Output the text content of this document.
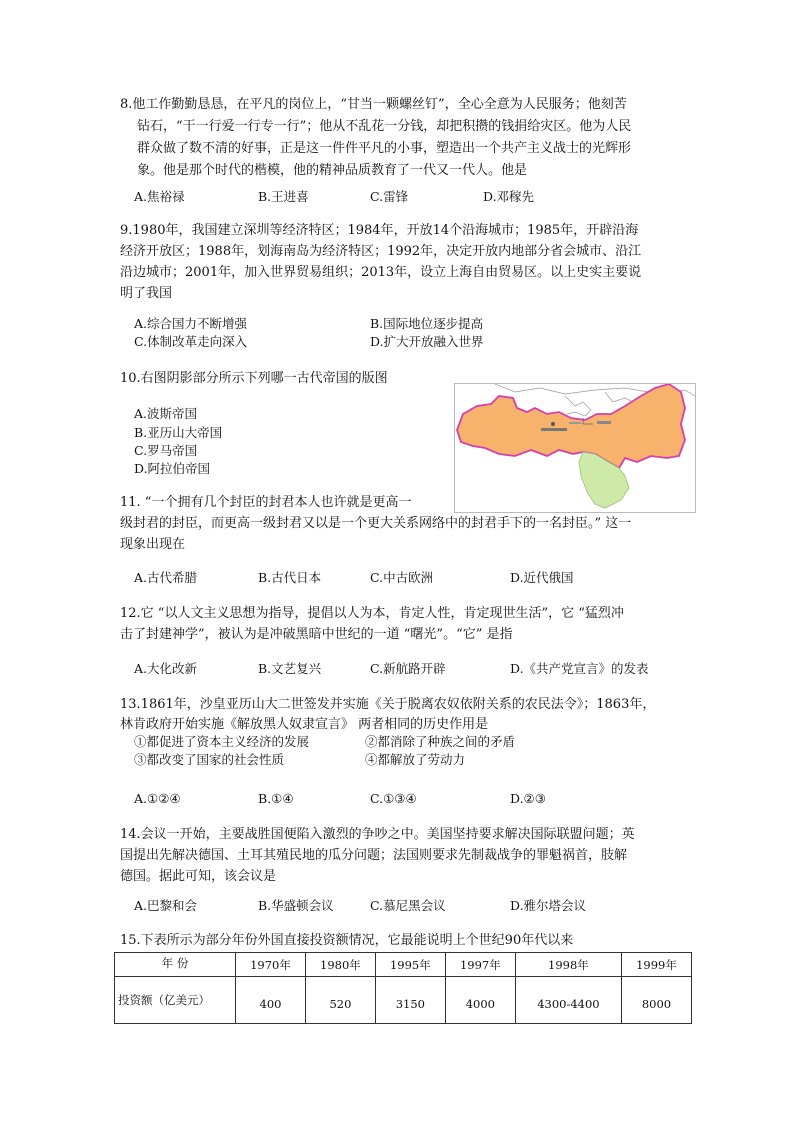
8.他工作勤勤恳恳，在平凡的岗位上，“甘当一颗螺丝钉”，全心全意为人民服务；他刻苦
钻石，“干一行爱一行专一行”；他从不乱花一分钱，却把积攒的钱捐给灾区。他为人民
群众做了数不清的好事，正是这一件件平凡的小事，塑造出一个共产主义战士的光辉形
象。他是那个时代的楷模，他的精神品质教育了一代又一代人。他是
A.焦裕禄	B.王进喜	C.雷锋	D.邓稼先
9.1980年，我国建立深圳等经济特区；1984年，开放14个沿海城市；1985年，开辟沿海
经济开放区；1988年，划海南岛为经济特区；1992年，决定开放内地部分省会城市、沿江
沿边城市；2001年，加入世界贸易组织；2013年，设立上海自由贸易区。以上史实主要说
明了我国
A.综合国力不断增强	B.国际地位逐步提高
C.体制改革走向深入	D.扩大开放融入世界
10.右图阴影部分所示下列哪一古代帝国的版图
A.波斯帝国
B.亚历山大帝国
C.罗马帝国
D.阿拉伯帝国
11. “一个拥有几个封臣的封君本人也许就是更高一
级封君的封臣，而更高一级封君又以是一个更大关系网络中的封君手下的一名封臣。” 这一
现象出现在
A.古代希腊	B.古代日本	C.中古欧洲	D.近代俄国
12.它 “以人文主义思想为指导，提倡以人为本，肯定人性，肯定现世生活”，它 “猛烈冲
击了封建神学”，被认为是冲破黑暗中世纪的一道 “曙光”。“它” 是指
A.大化改新	B.文艺复兴	C.新航路开辟	D.《共产党宣言》的发表
13.1861年，沙皇亚历山大二世签发并实施《关于脱离农奴依附关系的农民法令》；1863年，
林肯政府开始实施《解放黑人奴隶宣言》 两者相同的历史作用是
①都促进了资本主义经济的发展	②都消除了种族之间的矛盾
③都改变了国家的社会性质	④都解放了劳动力
A.①②④	B.①④	C.①③④	D.②③
14.会议一开始，主要战胜国便陷入激烈的争吵之中。美国坚持要求解决国际联盟问题；英
国提出先解决德国、土耳其殖民地的瓜分问题；法国则要求先制裁战争的罪魁祸首，肢解
德国。据此可知，该会议是
A.巴黎和会	B.华盛顿会议	C.慕尼黑会议	D.雅尔塔会议
15.下表所示为部分年份外国直接投资额情况，它最能说明上个世纪90年代以来
年 份	1970年	1980年	1995年	1997年	1998年	1999年
投资额（亿美元）	400	520	3150	4000	4300-4400	8000
